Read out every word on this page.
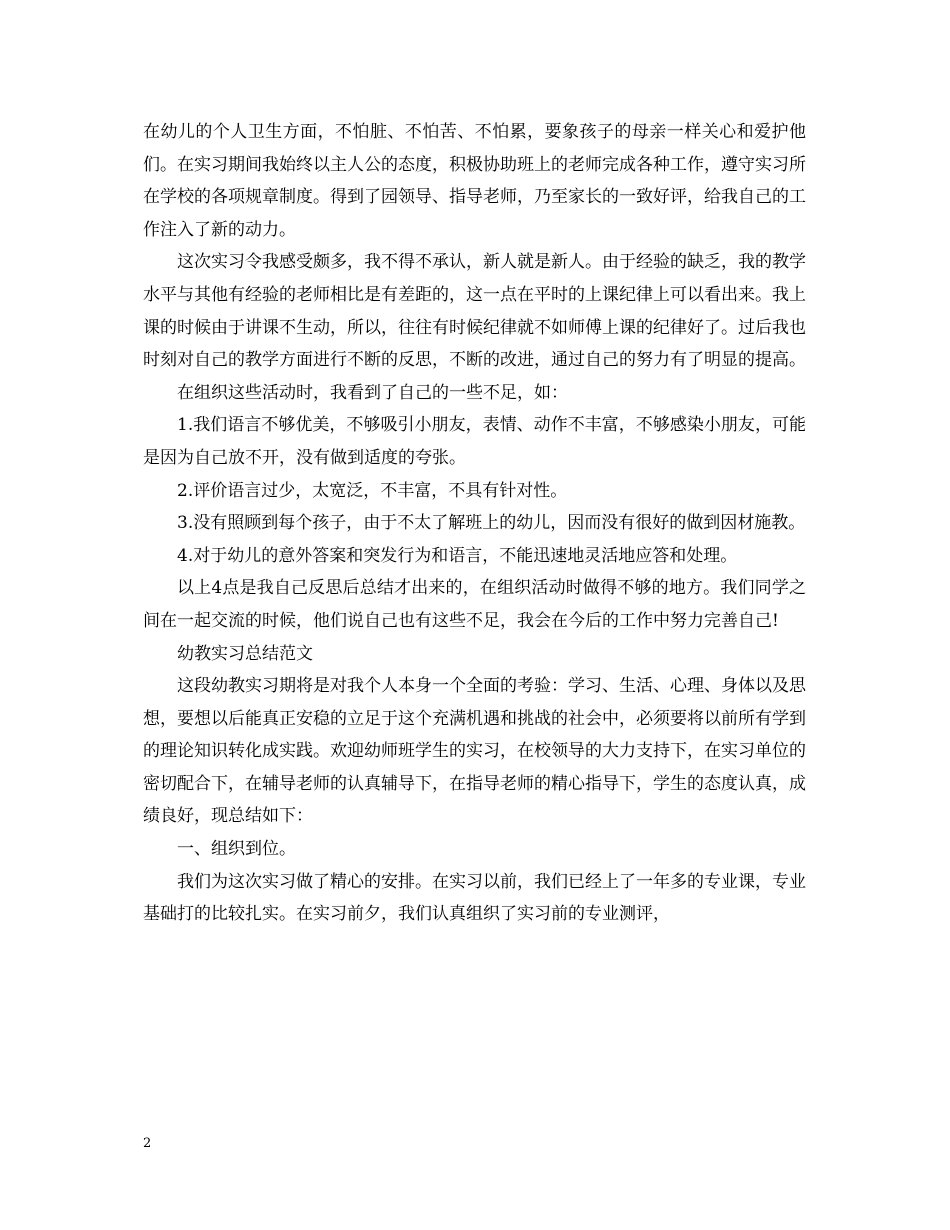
在幼儿的个人卫生方面，不怕脏、不怕苦、不怕累，要象孩子的母亲一样关心和爱护他们。在实习期间我始终以主人公的态度，积极协助班上的老师完成各种工作，遵守实习所在学校的各项规章制度。得到了园领导、指导老师，乃至家长的一致好评，给我自己的工作注入了新的动力。

这次实习令我感受颇多，我不得不承认，新人就是新人。由于经验的缺乏，我的教学水平与其他有经验的老师相比是有差距的，这一点在平时的上课纪律上可以看出来。我上课的时候由于讲课不生动，所以，往往有时候纪律就不如师傅上课的纪律好了。过后我也时刻对自己的教学方面进行不断的反思，不断的改进，通过自己的努力有了明显的提高。

在组织这些活动时，我看到了自己的一些不足，如：

1.我们语言不够优美，不够吸引小朋友，表情、动作不丰富，不够感染小朋友，可能是因为自己放不开，没有做到适度的夸张。

2.评价语言过少，太宽泛，不丰富，不具有针对性。

3.没有照顾到每个孩子，由于不太了解班上的幼儿，因而没有很好的做到因材施教。

4.对于幼儿的意外答案和突发行为和语言，不能迅速地灵活地应答和处理。

以上4点是我自己反思后总结才出来的，在组织活动时做得不够的地方。我们同学之间在一起交流的时候，他们说自己也有这些不足，我会在今后的工作中努力完善自己!

幼教实习总结范文

这段幼教实习期将是对我个人本身一个全面的考验：学习、生活、心理、身体以及思想，要想以后能真正安稳的立足于这个充满机遇和挑战的社会中，必须要将以前所有学到的理论知识转化成实践。欢迎幼师班学生的实习，在校领导的大力支持下，在实习单位的密切配合下，在辅导老师的认真辅导下，在指导老师的精心指导下，学生的态度认真，成绩良好，现总结如下：

一、组织到位。

我们为这次实习做了精心的安排。在实习以前，我们已经上了一年多的专业课，专业基础打的比较扎实。在实习前夕，我们认真组织了实习前的专业测评，

2
